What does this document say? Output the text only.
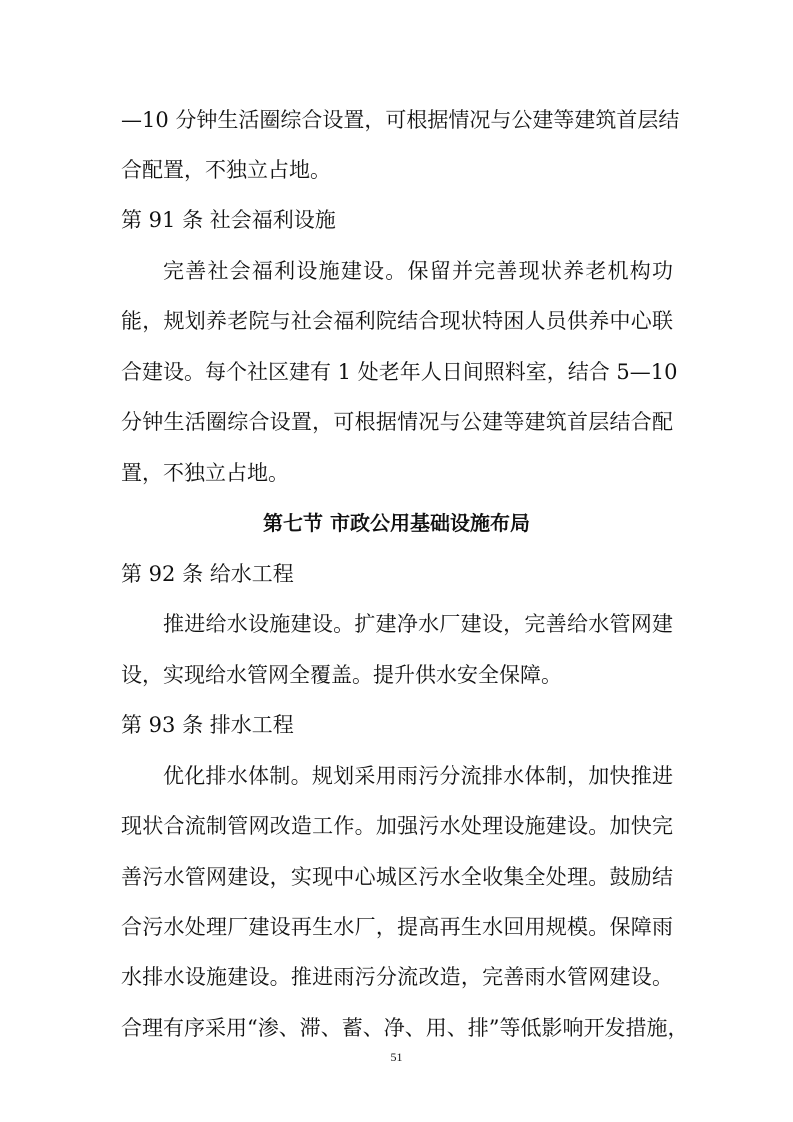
—10 分钟生活圈综合设置，可根据情况与公建等建筑首层结

合配置，不独立占地。

第 91 条 社会福利设施

完善社会福利设施建设。保留并完善现状养老机构功

能，规划养老院与社会福利院结合现状特困人员供养中心联

合建设。每个社区建有 1 处老年人日间照料室，结合 5—10

分钟生活圈综合设置，可根据情况与公建等建筑首层结合配

置，不独立占地。

第七节 市政公用基础设施布局

第 92 条 给水工程

推进给水设施建设。扩建净水厂建设，完善给水管网建

设，实现给水管网全覆盖。提升供水安全保障。

第 93 条 排水工程

优化排水体制。规划采用雨污分流排水体制，加快推进

现状合流制管网改造工作。加强污水处理设施建设。加快完

善污水管网建设，实现中心城区污水全收集全处理。鼓励结

合污水处理厂建设再生水厂，提高再生水回用规模。保障雨

水排水设施建设。推进雨污分流改造，完善雨水管网建设。

合理有序采用“渗、滞、蓄、净、用、排”等低影响开发措施，

51
